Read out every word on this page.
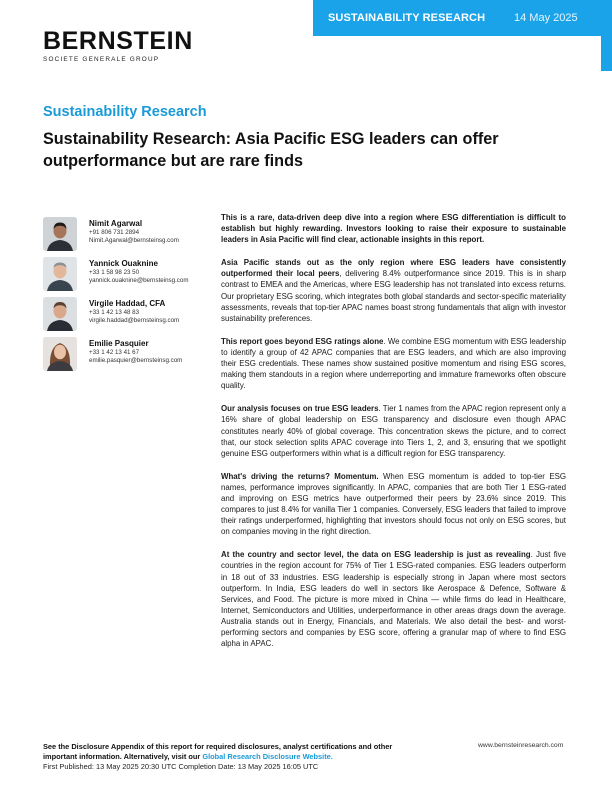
SUSTAINABILITY RESEARCH	14 May 2025
BERNSTEIN
SOCIETE GENERALE GROUP
Sustainability Research
Sustainability Research: Asia Pacific ESG leaders can offer outperformance but are rare finds
Nimit Agarwal
+91 806 731 2894
Nimit.Agarwal@bernsteinsg.com
Yannick Ouaknine
+33 1 58 98 23 50
yannick.ouaknine@bernsteinsg.com
Virgile Haddad, CFA
+33 1 42 13 48 83
virgile.haddad@bernsteinsg.com
Emilie Pasquier
+33 1 42 13 41 67
emilie.pasquier@bernsteinsg.com

This is a rare, data-driven deep dive into a region where ESG differentiation is difficult to establish but highly rewarding. Investors looking to raise their exposure to sustainable leaders in Asia Pacific will find clear, actionable insights in this report.

Asia Pacific stands out as the only region where ESG leaders have consistently outperformed their local peers, delivering 8.4% outperformance since 2019. This is in sharp contrast to EMEA and the Americas, where ESG leadership has not translated into excess returns. Our proprietary ESG scoring, which integrates both global standards and sector-specific materiality assessments, reveals that top-tier APAC names boast strong fundamentals that align with investor sustainability preferences.

This report goes beyond ESG ratings alone. We combine ESG momentum with ESG leadership to identify a group of 42 APAC companies that are ESG leaders, and which are also improving their ESG credentials. These names show sustained positive momentum and rising ESG scores, making them standouts in a region where underreporting and immature frameworks often obscure quality.

Our analysis focuses on true ESG leaders. Tier 1 names from the APAC region represent only a 16% share of global leadership on ESG transparency and disclosure even though APAC constitutes nearly 40% of global coverage. This concentration skews the picture, and to correct that, our stock selection splits APAC coverage into Tiers 1, 2, and 3, ensuring that we spotlight genuine ESG outperformers within what is a difficult region for ESG transparency.

What's driving the returns? Momentum. When ESG momentum is added to top-tier ESG names, performance improves significantly. In APAC, companies that are both Tier 1 ESG-rated and improving on ESG metrics have outperformed their peers by 23.6% since 2019. This compares to just 8.4% for vanilla Tier 1 companies. Conversely, ESG leaders that failed to improve their ratings underperformed, highlighting that investors should focus not only on ESG scores, but on companies moving in the right direction.

At the country and sector level, the data on ESG leadership is just as revealing. Just five countries in the region account for 75% of Tier 1 ESG-rated companies. ESG leaders outperform in 18 out of 33 industries. ESG leadership is especially strong in Japan where most sectors outperform. In India, ESG leaders do well in sectors like Aerospace & Defence, Software & Services, and Food. The picture is more mixed in China — while firms do lead in Healthcare, Internet, Semiconductors and Utilities, underperformance in other areas drags down the average. Australia stands out in Energy, Financials, and Materials. We also detail the best- and worst-performing sectors and companies by ESG score, offering a granular map of where to find ESG alpha in APAC.

See the Disclosure Appendix of this report for required disclosures, analyst certifications and other
important information. Alternatively, visit our Global Research Disclosure Website.
First Published: 13 May 2025 20:30 UTC Completion Date: 13 May 2025 16:05 UTC
www.bernsteinresearch.com
